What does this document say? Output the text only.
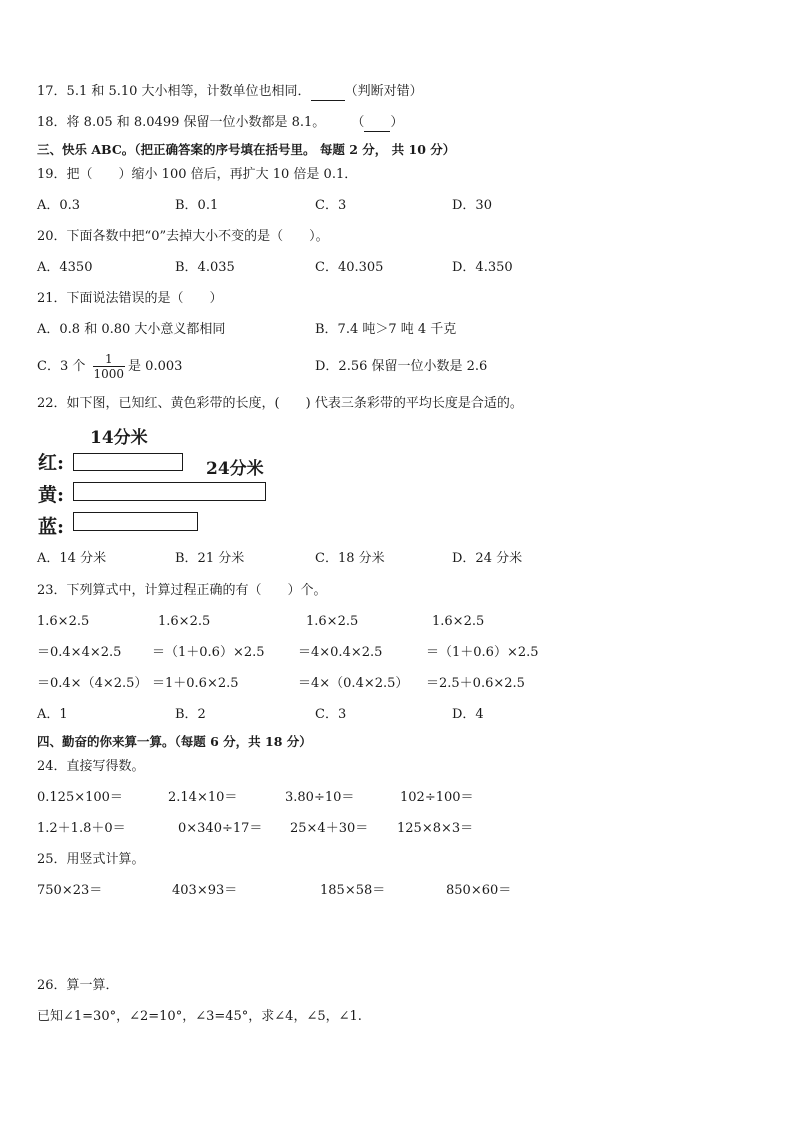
17．5.1 和 5.10 大小相等，计数单位也相同．	（判断对错）
18．将 8.05 和 8.0499 保留一位小数都是 8.1。 （ ）
三、快乐 ABC。（把正确答案的序号填在括号里。 每题 2 分， 共 10 分）
19．把（　　）缩小 100 倍后，再扩大 10 倍是 0.1．
A．0.3	B．0.1	C．3	D．30
20．下面各数中把“0”去掉大小不变的是（　　）。
A．4350	B．4.035	C．40.305	D．4.350
21．下面说法错误的是（　　）
A．0.8 和 0.80 大小意义都相同	B．7.4 吨＞7 吨 4 千克
C．3 个 $\frac{1}{1000}$ 是 0.003	D．2.56 保留一位小数是 2.6
22．如下图，已知红、黄色彩带的长度，(　　) 代表三条彩带的平均长度是合适的。
14分米
24分米
红:
黄:
蓝:
A．14 分米	B．21 分米	C．18 分米	D．24 分米
23．下列算式中，计算过程正确的有（　　）个。
1.6×2.5	1.6×2.5	1.6×2.5	1.6×2.5
＝0.4×4×2.5 ＝（1＋0.6）×2.5	＝4×0.4×2.5	＝（1＋0.6）×2.5
＝0.4×（4×2.5） ＝1＋0.6×2.5	＝4×（0.4×2.5） ＝2.5＋0.6×2.5
A．1	B．2	C．3	D．4
四、勤奋的你来算一算。（每题 6 分，共 18 分）
24．直接写得数。
0.125×100＝	2.14×10＝	3.80÷10＝	102÷100＝
1.2＋1.8＋0＝	0×340÷17＝ 25×4＋30＝ 125×8×3＝
25．用竖式计算。
750×23＝	403×93＝	185×58＝	850×60＝
26．算一算．
已知∠1=30°，∠2=10°，∠3=45°，求∠4，∠5，∠1.
